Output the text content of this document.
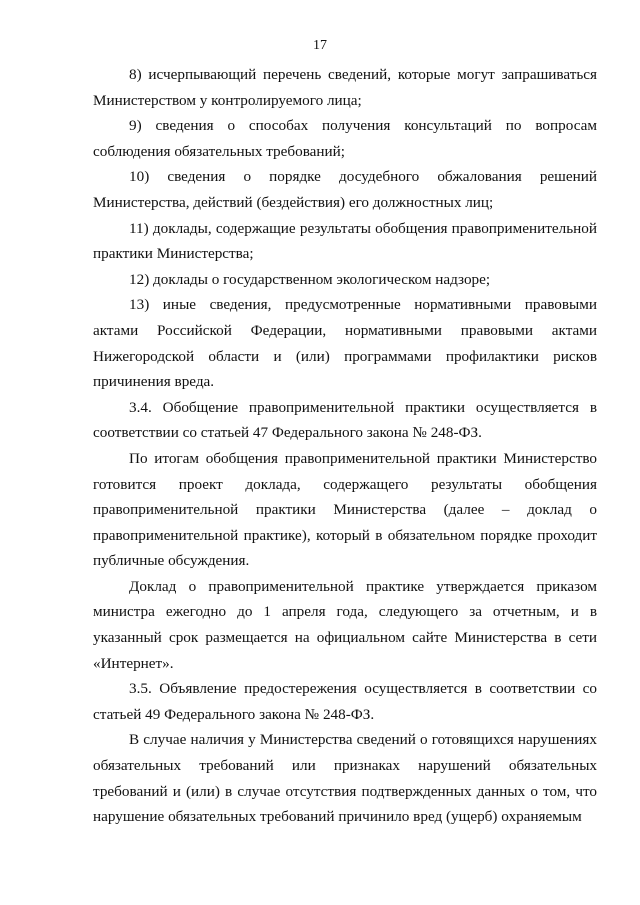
17

8) исчерпывающий перечень сведений, которые могут запрашиваться Министерством у контролируемого лица;

9) сведения о способах получения консультаций по вопросам соблюдения обязательных требований;

10) сведения о порядке досудебного обжалования решений Министерства, действий (бездействия) его должностных лиц;

11) доклады, содержащие результаты обобщения правоприменительной практики Министерства;

12) доклады о государственном экологическом надзоре;

13) иные сведения, предусмотренные нормативными правовыми актами Российской Федерации, нормативными правовыми актами Нижегородской области и (или) программами профилактики рисков причинения вреда.

3.4. Обобщение правоприменительной практики осуществляется в соответствии со статьей 47 Федерального закона № 248-ФЗ.

По итогам обобщения правоприменительной практики Министерство готовится проект доклада, содержащего результаты обобщения правоприменительной практики Министерства (далее – доклад о правоприменительной практике), который в обязательном порядке проходит публичные обсуждения.

Доклад о правоприменительной практике утверждается приказом министра ежегодно до 1 апреля года, следующего за отчетным, и в указанный срок размещается на официальном сайте Министерства в сети «Интернет».

3.5. Объявление предостережения осуществляется в соответствии со статьей 49 Федерального закона № 248-ФЗ.

В случае наличия у Министерства сведений о готовящихся нарушениях обязательных требований или признаках нарушений обязательных требований и (или) в случае отсутствия подтвержденных данных о том, что нарушение обязательных требований причинило вред (ущерб) охраняемым
